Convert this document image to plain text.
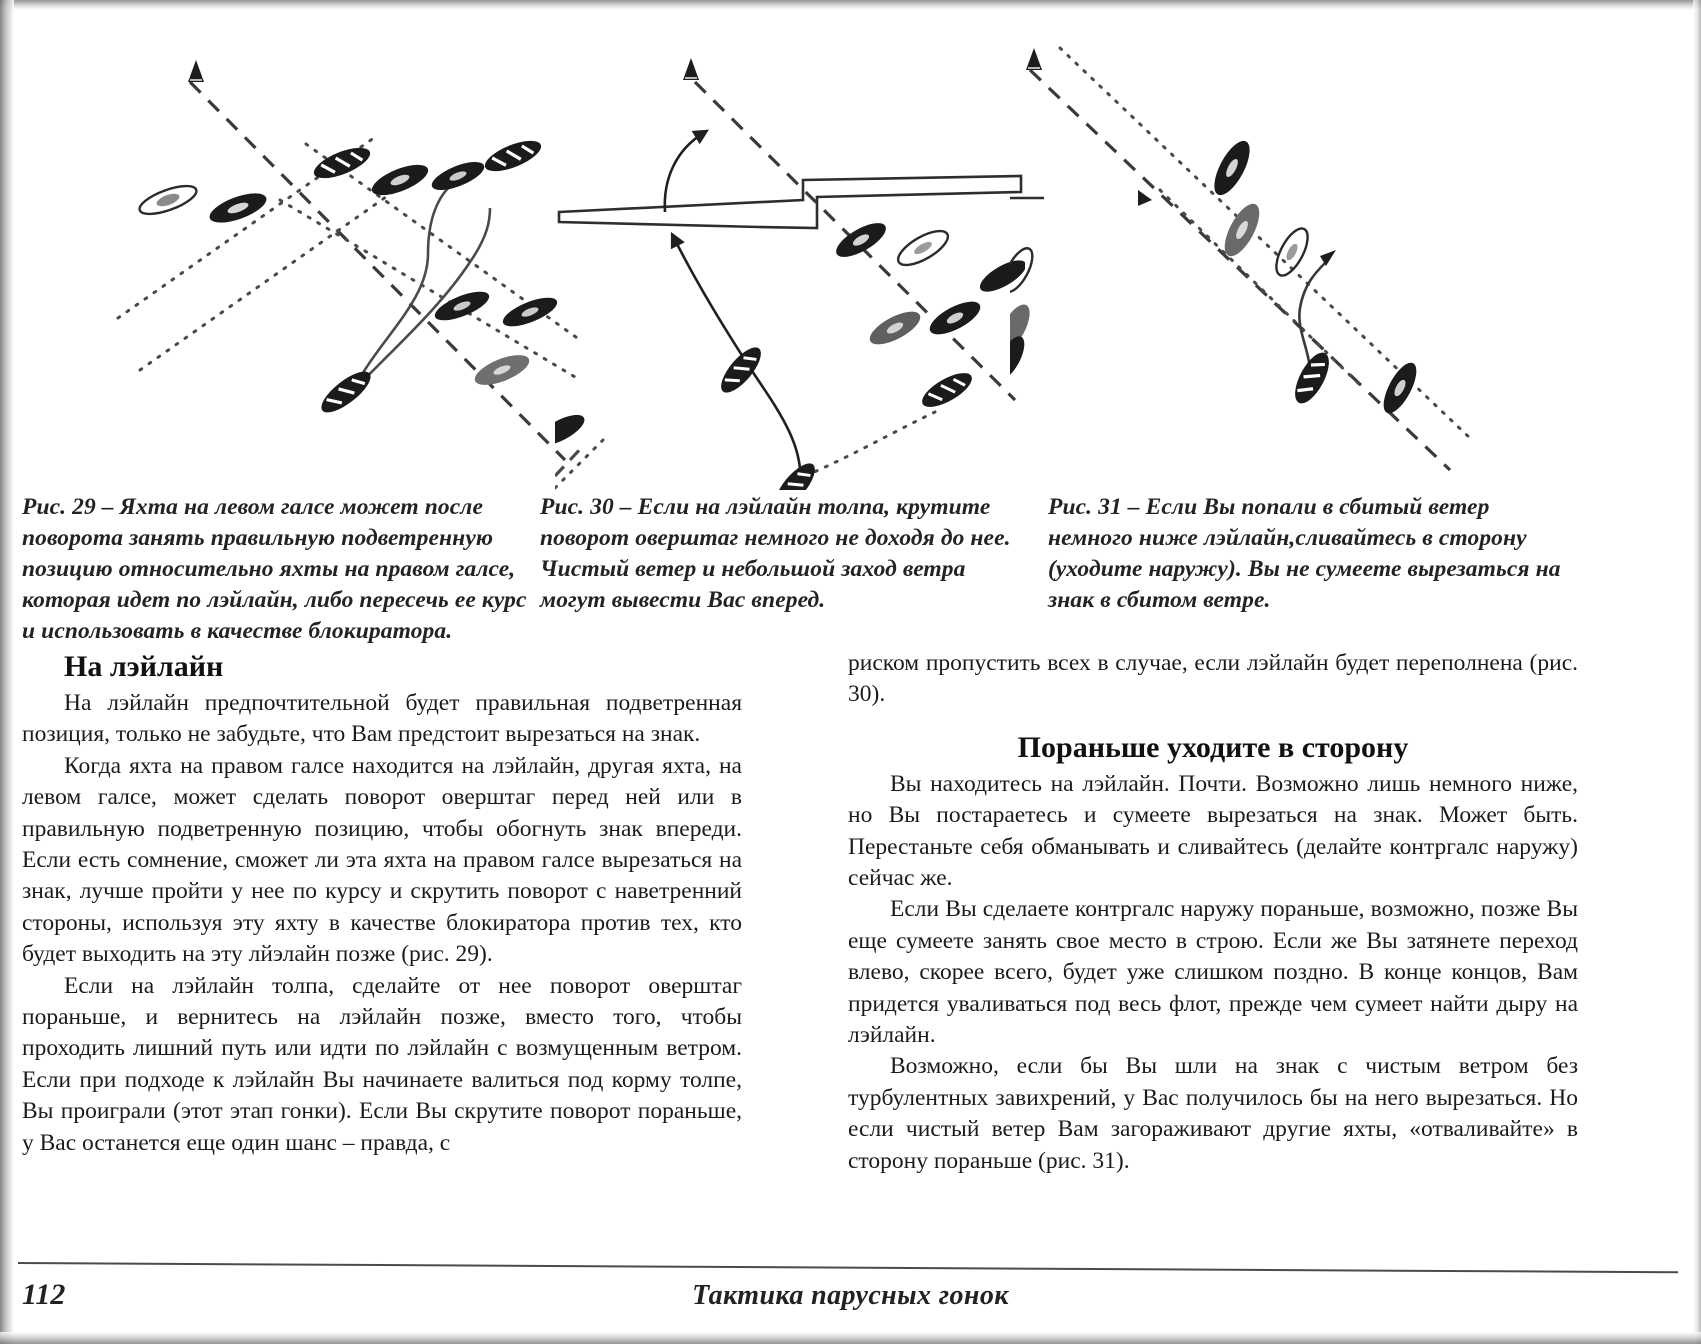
Рис. 29 – Яхта на левом галсе может после поворота занять правильную подветренную позицию относительно яхты на правом галсе, которая идет по лэйлайн, либо пересечь ее курс и использовать в качестве блокиратора.
Рис. 30 – Если на лэйлайн толпа, крутите поворот оверштаг немного не доходя до нее. Чистый ветер и небольшой заход ветра могут вывести Вас вперед.
Рис. 31 – Если Вы попали в сбитый ветер немного ниже лэйлайн,сливайтесь в сторону (уходите наружу). Вы не сумеете вырезаться на знак в сбитом ветре.
На лэйлайн

На лэйлайн предпочтительной будет правильная подветренная позиция, только не забудьте, что Вам предстоит вырезаться на знак.

Когда яхта на правом галсе находится на лэйлайн, другая яхта, на левом галсе, может сделать поворот оверштаг перед ней или в правильную подветренную позицию, чтобы обогнуть знак впереди. Если есть сомнение, сможет ли эта яхта на правом галсе вырезаться на знак, лучше пройти у нее по курсу и скрутить поворот с наветренний стороны, используя эту яхту в качестве блокиратора против тех, кто будет выходить на эту лйэлайн позже (рис. 29).

Если на лэйлайн толпа, сделайте от нее поворот оверштаг пораньше, и вернитесь на лэйлайн позже, вместо того, чтобы проходить лишний путь или идти по лэйлайн с возмущенным ветром. Если при подходе к лэйлайн Вы начинаете валиться под корму толпе, Вы проиграли (этот этап гонки). Если Вы скрутите поворот пораньше, у Вас останется еще один шанс – правда, с

риском пропустить всех в случае, если лэйлайн будет переполнена (рис. 30).

Пораньше уходите в сторону

Вы находитесь на лэйлайн. Почти. Возможно лишь немного ниже, но Вы постараетесь и сумеете вырезаться на знак. Может быть. Перестаньте себя обманывать и сливайтесь (делайте контргалс наружу) сейчас же.

Если Вы сделаете контргалс наружу пораньше, возможно, позже Вы еще сумеете занять свое место в строю. Если же Вы затянете переход влево, скорее всего, будет уже слишком поздно. В конце концов, Вам придется уваливаться под весь флот, прежде чем сумеет найти дыру на лэйлайн.

Возможно, если бы Вы шли на знак с чистым ветром без турбулентных завихрений, у Вас получилось бы на него вырезаться. Но если чистый ветер Вам загораживают другие яхты, «отваливайте» в сторону пораньше (рис. 31).

112	Тактика парусных гонок
